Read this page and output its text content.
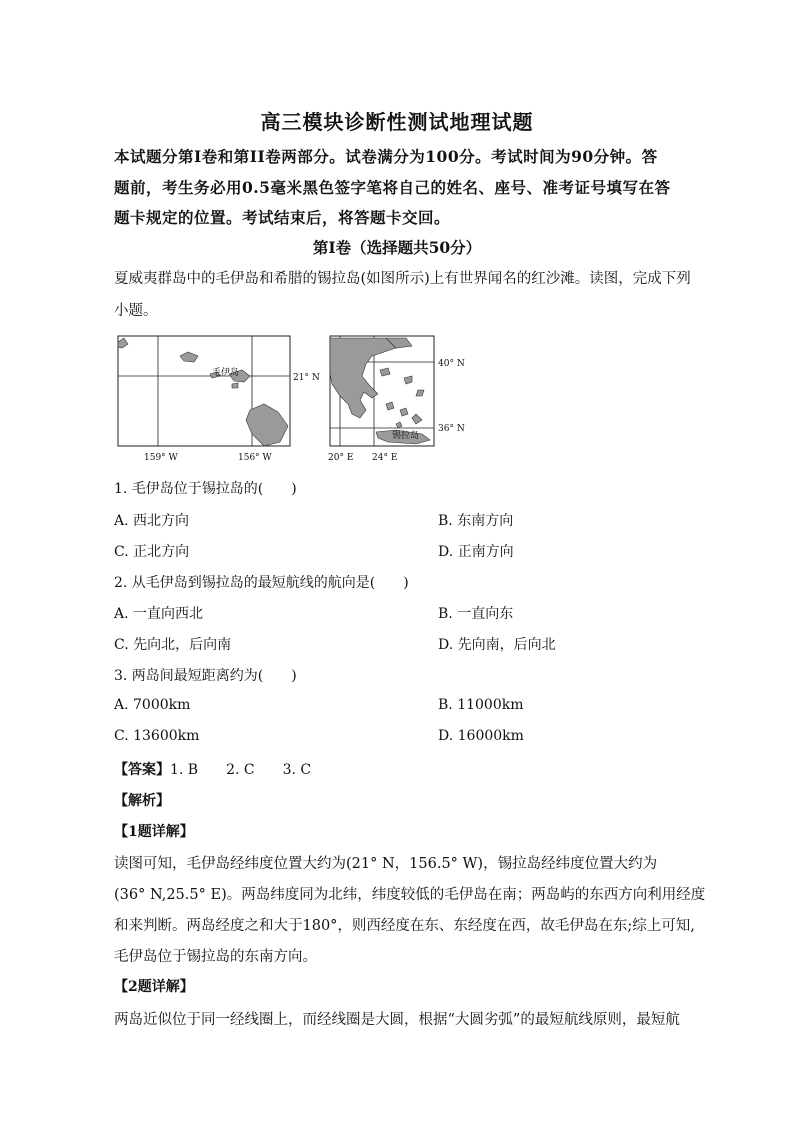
高三模块诊断性测试地理试题
本试题分第Ⅰ卷和第II卷两部分。试卷满分为100分。考试时间为90分钟。答
题前，考生务必用0.5毫米黑色签字笔将自己的姓名、座号、准考证号填写在答
题卡规定的位置。考试结束后，将答题卡交回。
第Ⅰ卷（选择题共50分）
夏威夷群岛中的毛伊岛和希腊的锡拉岛(如图所示)上有世界闻名的红沙滩。读图，完成下列
小题。
毛伊岛	21° N
159° W	156° W
锡拉岛
40° N
36° N
20° E 24° E
1. 毛伊岛位于锡拉岛的(　　)
A. 西北方向	B. 东南方向
C. 正北方向	D. 正南方向
2. 从毛伊岛到锡拉岛的最短航线的航向是(　　)
A. 一直向西北	B. 一直向东
C. 先向北，后向南	D. 先向南，后向北
3. 两岛间最短距离约为(　　)
A. 7000km	B. 11000km
C. 13600km	D. 16000km
【答案】1. B　　2. C　　3. C
【解析】
【1题详解】
读图可知，毛伊岛经纬度位置大约为(21° N，156.5° W)，锡拉岛经纬度位置大约为
(36° N,25.5° E)。两岛纬度同为北纬，纬度较低的毛伊岛在南；两岛屿的东西方向利用经度
和来判断。两岛经度之和大于180°，则西经度在东、东经度在西，故毛伊岛在东;综上可知,
毛伊岛位于锡拉岛的东南方向。
【2题详解】
两岛近似位于同一经线圈上，而经线圈是大圆，根据“大圆劣弧”的最短航线原则，最短航
